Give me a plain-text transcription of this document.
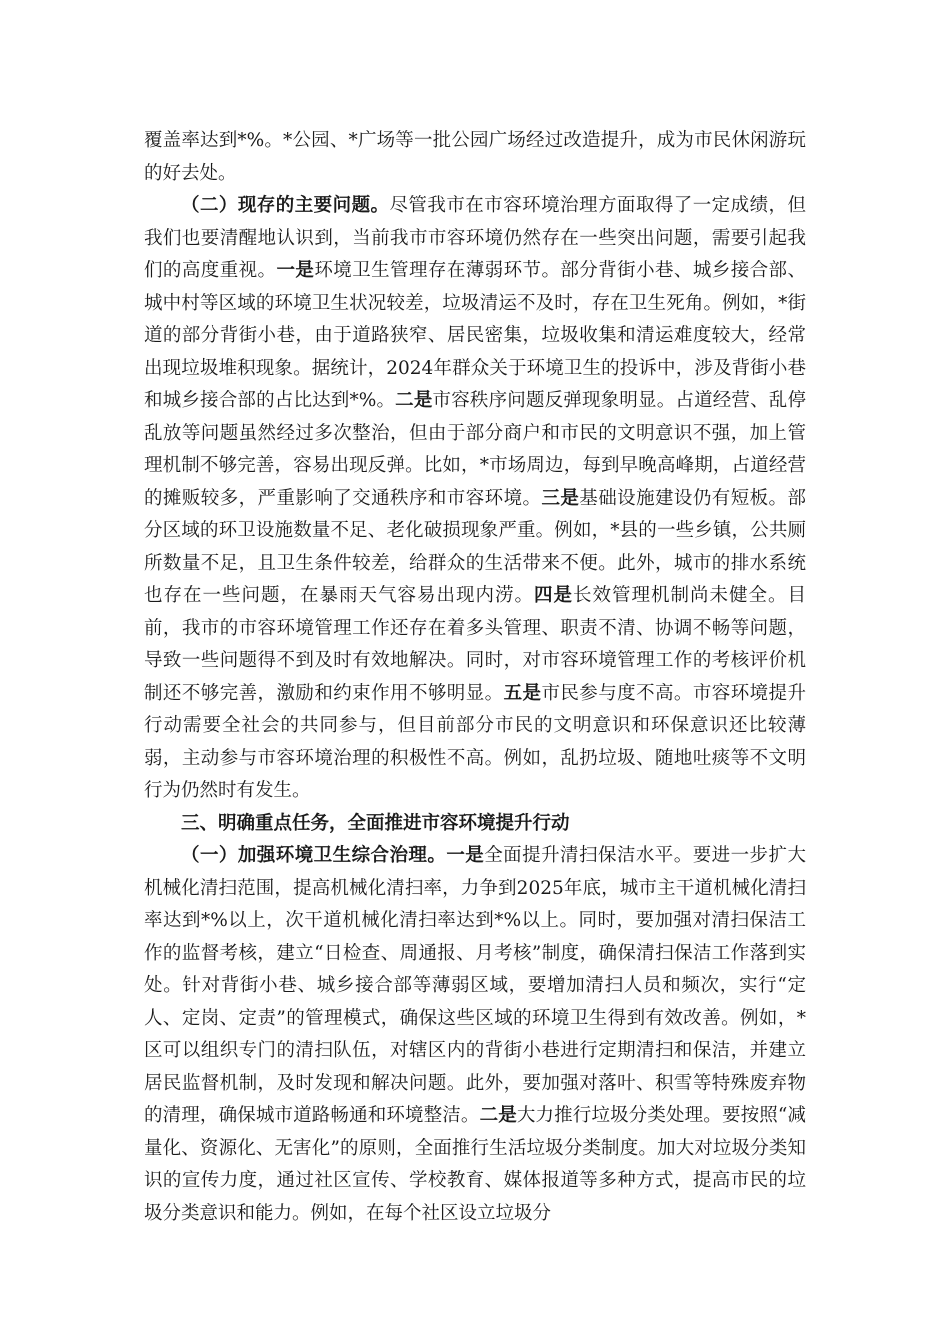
覆盖率达到*%。*公园、*广场等一批公园广场经过改造提升，成为市民休闲游玩的好去处。

（二）现存的主要问题。尽管我市在市容环境治理方面取得了一定成绩，但我们也要清醒地认识到，当前我市市容环境仍然存在一些突出问题，需要引起我们的高度重视。一是环境卫生管理存在薄弱环节。部分背街小巷、城乡接合部、城中村等区域的环境卫生状况较差，垃圾清运不及时，存在卫生死角。例如，*街道的部分背街小巷，由于道路狭窄、居民密集，垃圾收集和清运难度较大，经常出现垃圾堆积现象。据统计，2024年群众关于环境卫生的投诉中，涉及背街小巷和城乡接合部的占比达到*%。二是市容秩序问题反弹现象明显。占道经营、乱停乱放等问题虽然经过多次整治，但由于部分商户和市民的文明意识不强，加上管理机制不够完善，容易出现反弹。比如，*市场周边，每到早晚高峰期，占道经营的摊贩较多，严重影响了交通秩序和市容环境。三是基础设施建设仍有短板。部分区域的环卫设施数量不足、老化破损现象严重。例如，*县的一些乡镇，公共厕所数量不足，且卫生条件较差，给群众的生活带来不便。此外，城市的排水系统也存在一些问题，在暴雨天气容易出现内涝。四是长效管理机制尚未健全。目前，我市的市容环境管理工作还存在着多头管理、职责不清、协调不畅等问题，导致一些问题得不到及时有效地解决。同时，对市容环境管理工作的考核评价机制还不够完善，激励和约束作用不够明显。五是市民参与度不高。市容环境提升行动需要全社会的共同参与，但目前部分市民的文明意识和环保意识还比较薄弱，主动参与市容环境治理的积极性不高。例如，乱扔垃圾、随地吐痰等不文明行为仍然时有发生。

三、明确重点任务，全面推进市容环境提升行动

（一）加强环境卫生综合治理。一是全面提升清扫保洁水平。要进一步扩大机械化清扫范围，提高机械化清扫率，力争到2025年底，城市主干道机械化清扫率达到*%以上，次干道机械化清扫率达到*%以上。同时，要加强对清扫保洁工作的监督考核，建立“日检查、周通报、月考核”制度，确保清扫保洁工作落到实处。针对背街小巷、城乡接合部等薄弱区域，要增加清扫人员和频次，实行“定人、定岗、定责”的管理模式，确保这些区域的环境卫生得到有效改善。例如，*区可以组织专门的清扫队伍，对辖区内的背街小巷进行定期清扫和保洁，并建立居民监督机制，及时发现和解决问题。此外，要加强对落叶、积雪等特殊废弃物的清理，确保城市道路畅通和环境整洁。二是大力推行垃圾分类处理。要按照“减量化、资源化、无害化”的原则，全面推行生活垃圾分类制度。加大对垃圾分类知识的宣传力度，通过社区宣传、学校教育、媒体报道等多种方式，提高市民的垃圾分类意识和能力。例如，在每个社区设立垃圾分
